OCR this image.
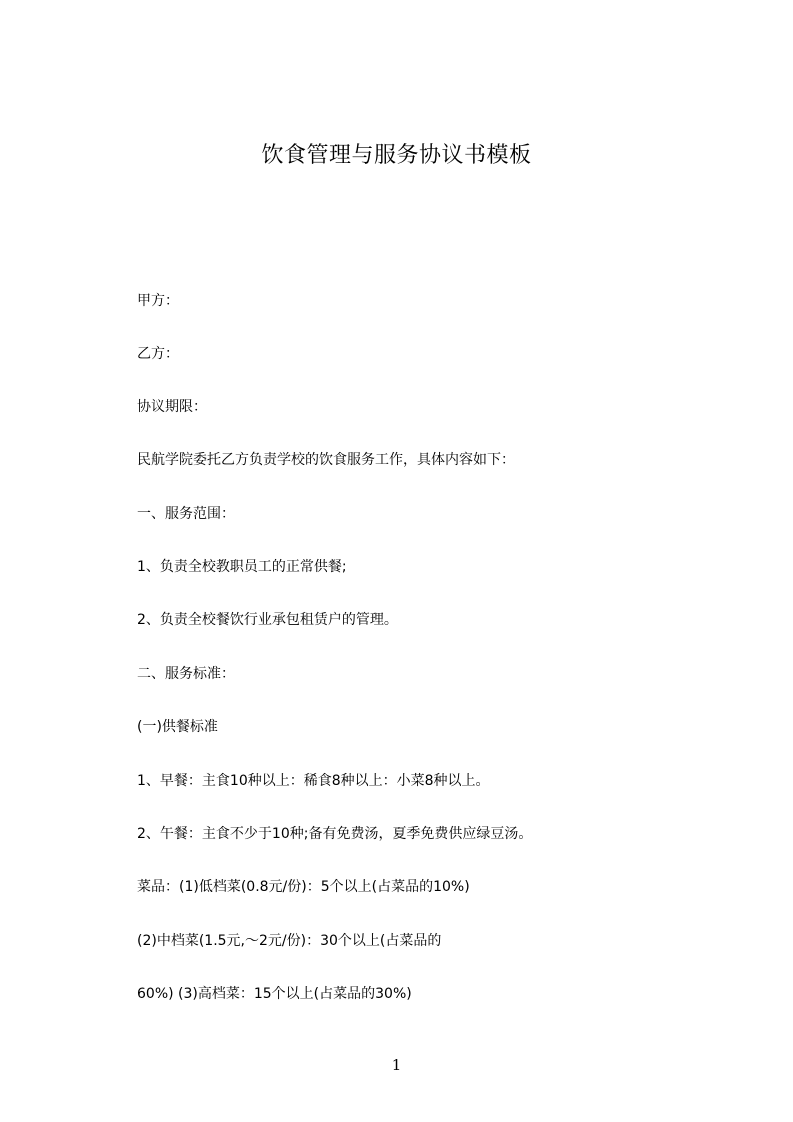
饮食管理与服务协议书模板
甲方：
乙方：
协议期限：
民航学院委托乙方负责学校的饮食服务工作，具体内容如下：
一、服务范围：
1、负责全校教职员工的正常供餐;
2、负责全校餐饮行业承包租赁户的管理。
二、服务标准：
(一)供餐标准
1、早餐：主食10种以上：稀食8种以上：小菜8种以上。
2、午餐：主食不少于10种;备有免费汤，夏季免费供应绿豆汤。
菜品：(1)低档菜(0.8元/份)：5个以上(占菜品的10%)
(2)中档菜(1.5元,～2元/份)：30个以上(占菜品的
60%) (3)高档菜：15个以上(占菜品的30%)
1
